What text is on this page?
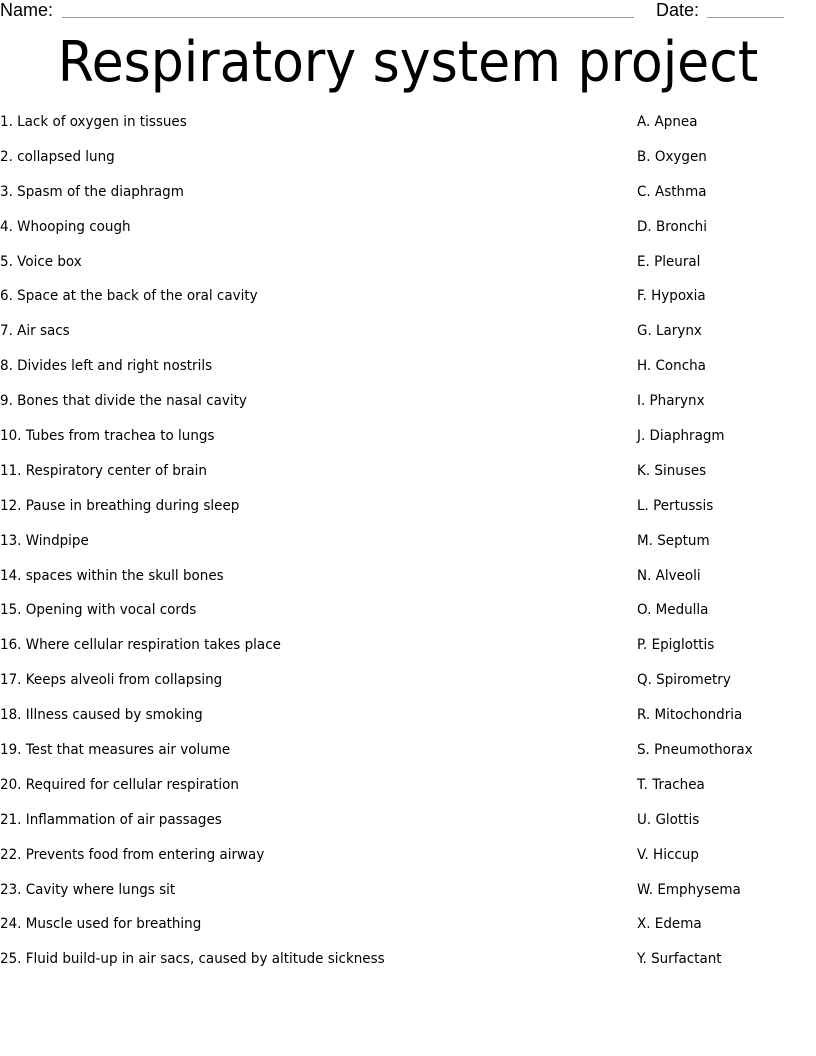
Name:	Date:
Respiratory system project
1. Lack of oxygen in tissues	A. Apnea
2. collapsed lung	B. Oxygen
3. Spasm of the diaphragm	C. Asthma
4. Whooping cough	D. Bronchi
5. Voice box	E. Pleural
6. Space at the back of the oral cavity	F. Hypoxia
7. Air sacs	G. Larynx
8. Divides left and right nostrils	H. Concha
9. Bones that divide the nasal cavity	I. Pharynx
10. Tubes from trachea to lungs	J. Diaphragm
11. Respiratory center of brain	K. Sinuses
12. Pause in breathing during sleep	L. Pertussis
13. Windpipe	M. Septum
14. spaces within the skull bones	N. Alveoli
15. Opening with vocal cords	O. Medulla
16. Where cellular respiration takes place	P. Epiglottis
17. Keeps alveoli from collapsing	Q. Spirometry
18. Illness caused by smoking	R. Mitochondria
19. Test that measures air volume	S. Pneumothorax
20. Required for cellular respiration	T. Trachea
21. Inflammation of air passages	U. Glottis
22. Prevents food from entering airway	V. Hiccup
23. Cavity where lungs sit	W. Emphysema
24. Muscle used for breathing	X. Edema
25. Fluid build-up in air sacs, caused by altitude sickness	Y. Surfactant
